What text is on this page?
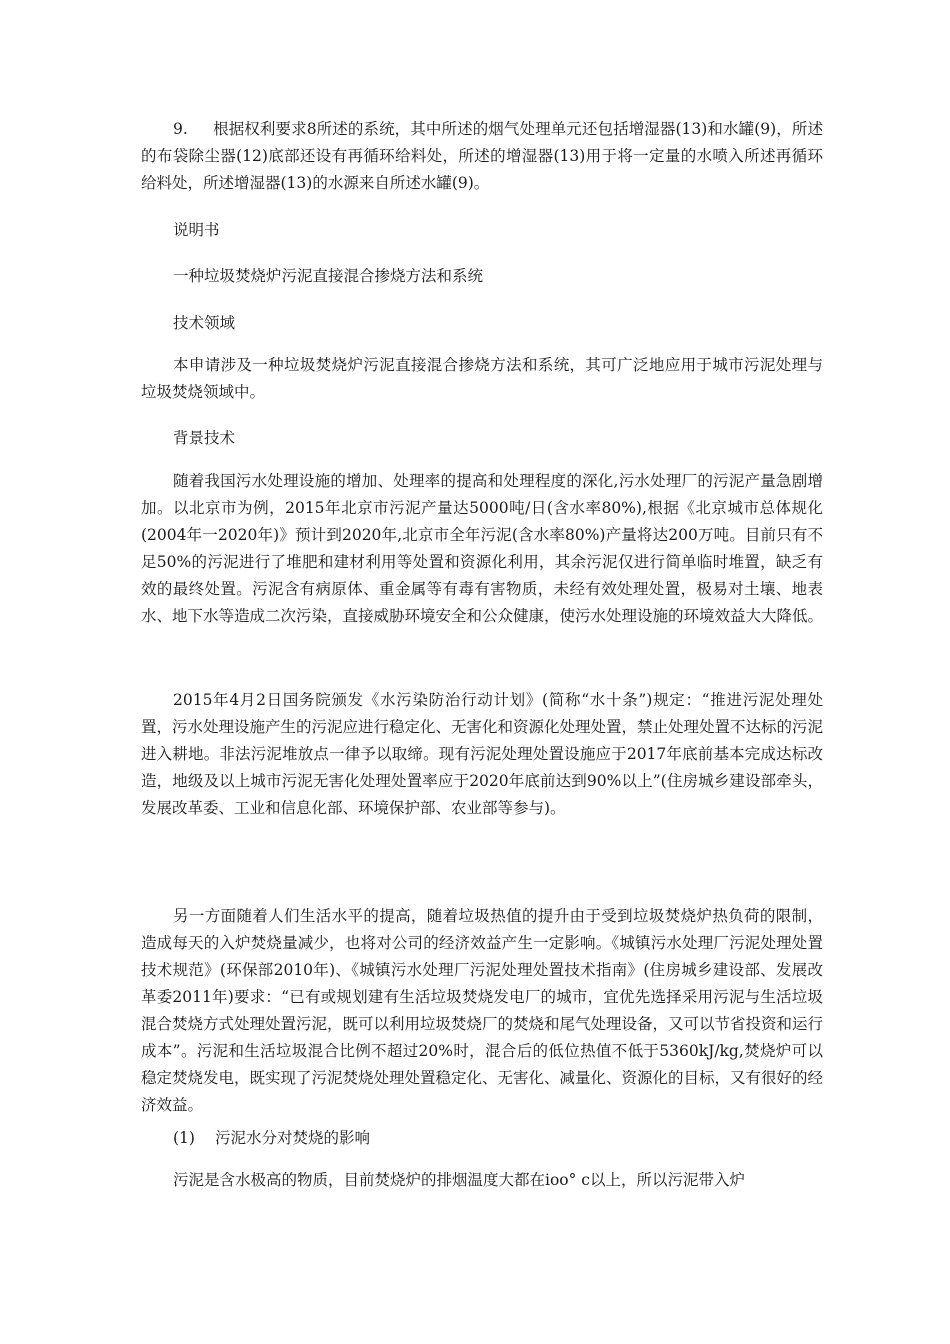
9. 根据权利要求8所述的系统，其中所述的烟气处理单元还包括增湿器(13)和水罐(9)，所述的布袋除尘器(12)底部还设有再循环给料处，所述的增湿器(13)用于将一定量的水喷入所述再循环给料处，所述增湿器(13)的水源来自所述水罐(9)。

说明书

一种垃圾焚烧炉污泥直接混合掺烧方法和系统

技术领域

本申请涉及一种垃圾焚烧炉污泥直接混合掺烧方法和系统，其可广泛地应用于城市污泥处理与垃圾焚烧领域中。

背景技术

随着我国污水处理设施的增加、处理率的提高和处理程度的深化,污水处理厂的污泥产量急剧增加。以北京市为例，2015年北京市污泥产量达5000吨/日(含水率80%),根据《北京城市总体规化(2004年一2020年)》预计到2020年,北京市全年污泥(含水率80%)产量将达200万吨。目前只有不足50%的污泥进行了堆肥和建材利用等处置和资源化利用，其余污泥仅进行简单临时堆置，缺乏有效的最终处置。污泥含有病原体、重金属等有毒有害物质，未经有效处理处置，极易对土壤、地表水、地下水等造成二次污染，直接威胁环境安全和公众健康，使污水处理设施的环境效益大大降低。

2015年4月2日国务院颁发《水污染防治行动计划》(简称“水十条”)规定：“推进污泥处理处置，污水处理设施产生的污泥应进行稳定化、无害化和资源化处理处置，禁止处理处置不达标的污泥进入耕地。非法污泥堆放点一律予以取缔。现有污泥处理处置设施应于2017年底前基本完成达标改造，地级及以上城市污泥无害化处理处置率应于2020年底前达到90%以上”(住房城乡建设部牵头，发展改革委、工业和信息化部、环境保护部、农业部等参与)。

另一方面随着人们生活水平的提高，随着垃圾热值的提升由于受到垃圾焚烧炉热负荷的限制，造成每天的入炉焚烧量减少，也将对公司的经济效益产生一定影响。《城镇污水处理厂污泥处理处置技术规范》(环保部2010年)、《城镇污水处理厂污泥处理处置技术指南》(住房城乡建设部、发展改革委2011年)要求：“已有或规划建有生活垃圾焚烧发电厂的城市，宜优先选择采用污泥与生活垃圾混合焚烧方式处理处置污泥，既可以利用垃圾焚烧厂的焚烧和尾气处理设备，又可以节省投资和运行成本”。污泥和生活垃圾混合比例不超过20%时，混合后的低位热值不低于5360kJ/kg,焚烧炉可以稳定焚烧发电，既实现了污泥焚烧处理处置稳定化、无害化、减量化、资源化的目标，又有很好的经济效益。

(1) 污泥水分对焚烧的影响

污泥是含水极高的物质，目前焚烧炉的排烟温度大都在ioo° c以上，所以污泥带入炉
